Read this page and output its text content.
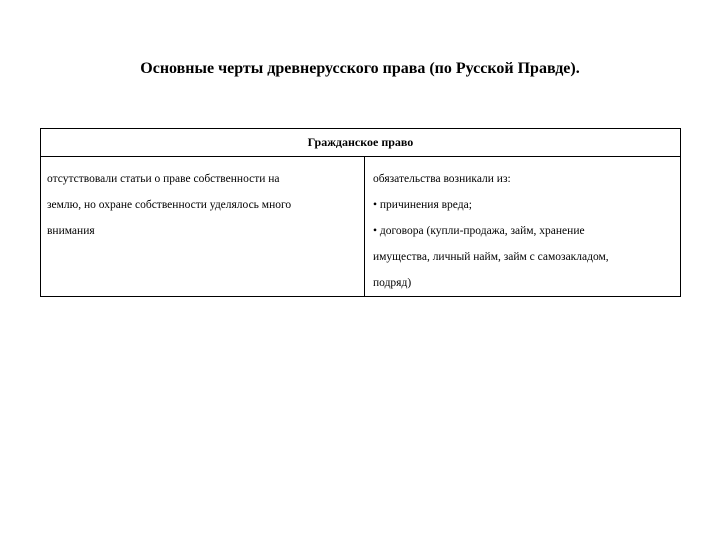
Основные черты древнерусского права (по Русской Правде).
Гражданское право
отсутствовали статьи о праве собственности на
землю, но охране собственности уделялось много
внимания
обязательства возникали из:
• причинения вреда;
• договора (купли-продажа, займ, хранение
имущества, личный найм, займ с самозакладом,
подряд)
